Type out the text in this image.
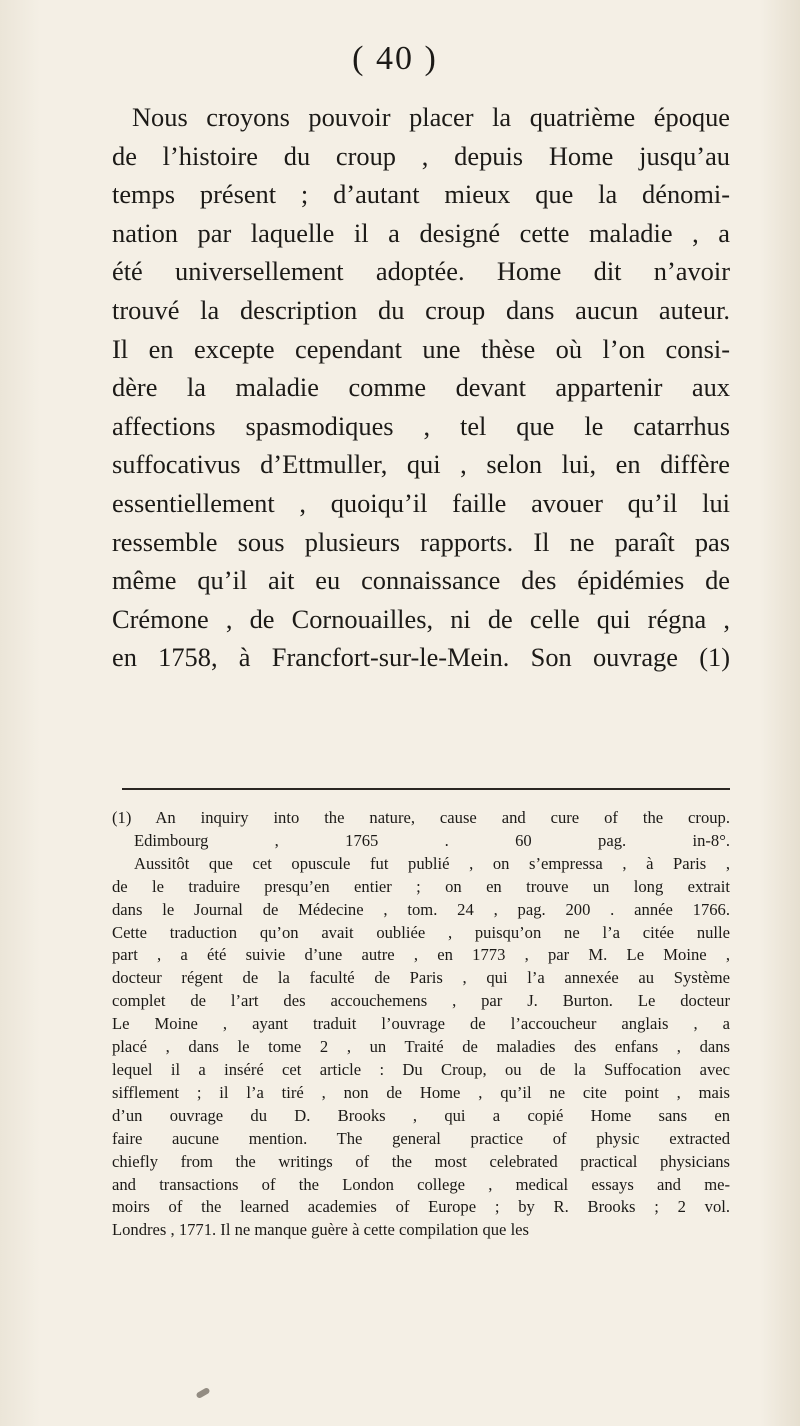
( 40 )
Nous croyons pouvoir placer la quatrième époque
de l’histoire du croup , depuis Home jusqu’au
temps présent ; d’autant mieux que la dénomi-
nation par laquelle il a designé cette maladie , a
été universellement adoptée. Home dit n’avoir
trouvé la description du croup dans aucun auteur.
Il en excepte cependant une thèse où l’on consi-
dère la maladie comme devant appartenir aux
affections spasmodiques , tel que le catarrhus
suffocativus d’Ettmuller, qui , selon lui, en diffère
essentiellement , quoiqu’il faille avouer qu’il lui
ressemble sous plusieurs rapports. Il ne paraît pas
même qu’il ait eu connaissance des épidémies de
Crémone , de Cornouailles, ni de celle qui régna ,
en 1758, à Francfort-sur-le-Mein. Son ouvrage (1)
(1) An inquiry into the nature, cause and cure of the croup.
Edimbourg , 1765 . 60 pag. in-8°.
Aussitôt que cet opuscule fut publié , on s’empressa , à Paris ,
de le traduire presqu’en entier ; on en trouve un long extrait
dans le Journal de Médecine , tom. 24 , pag. 200 . année 1766.
Cette traduction qu’on avait oubliée , puisqu’on ne l’a citée nulle
part , a été suivie d’une autre , en 1773 , par M. Le Moine ,
docteur régent de la faculté de Paris , qui l’a annexée au Système
complet de l’art des accouchemens , par J. Burton. Le docteur
Le Moine , ayant traduit l’ouvrage de l’accoucheur anglais , a
placé , dans le tome 2 , un Traité de maladies des enfans , dans
lequel il a inséré cet article : Du Croup, ou de la Suffocation avec
sifflement ; il l’a tiré , non de Home , qu’il ne cite point , mais
d’un ouvrage du D. Brooks , qui a copié Home sans en
faire aucune mention. The general practice of physic extracted
chiefly from the writings of the most celebrated practical physicians
and transactions of the London college , medical essays and me-
moirs of the learned academies of Europe ; by R. Brooks ; 2 vol.
Londres , 1771. Il ne manque guère à cette compilation que les
